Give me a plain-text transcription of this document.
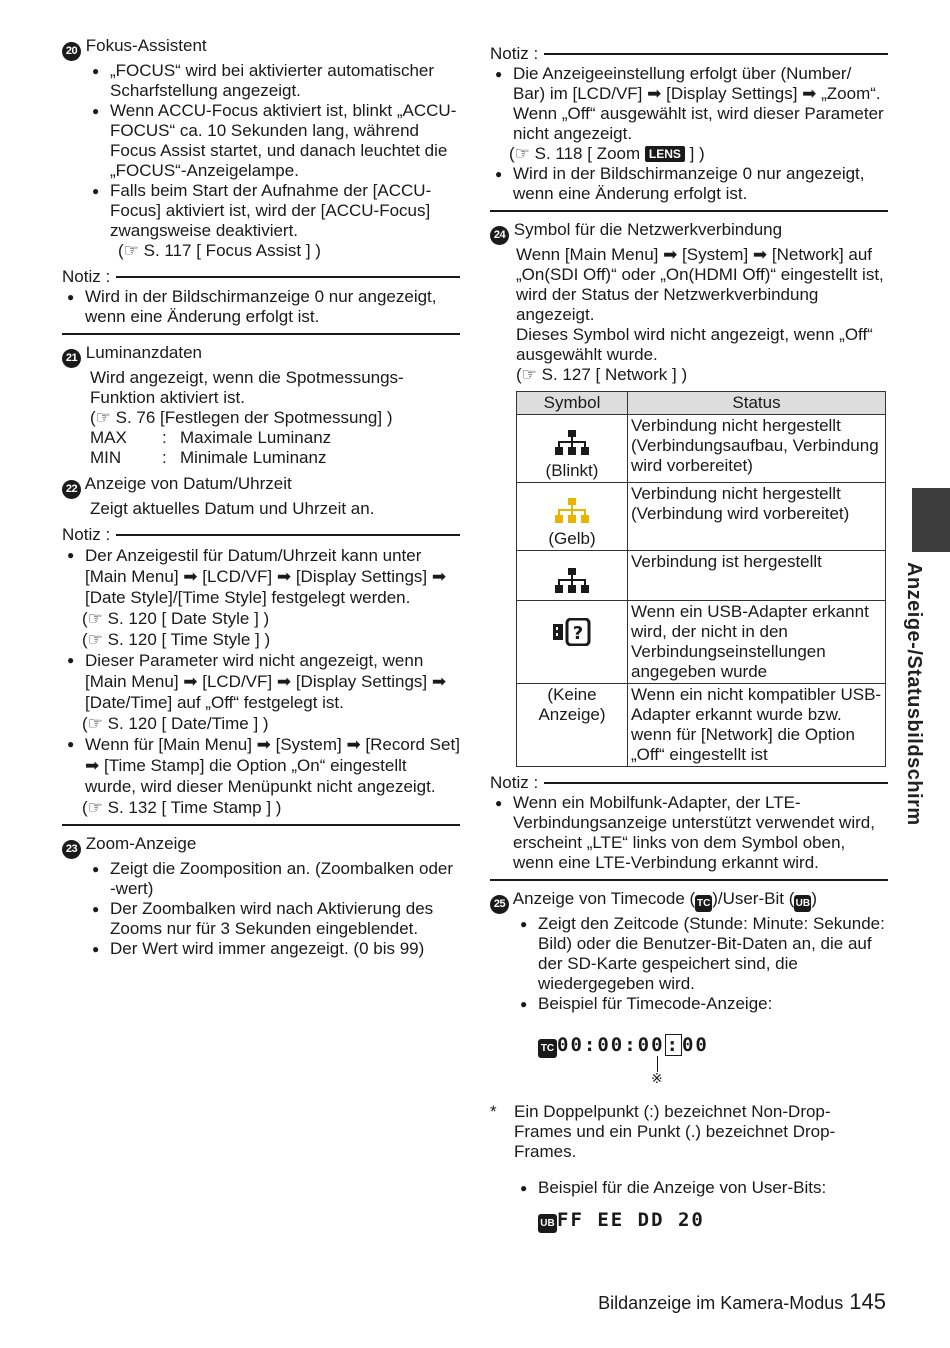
20 Fokus-Assistent
● „FOCUS“ wird bei aktivierter automatischer Scharfstellung angezeigt.
● Wenn ACCU-Focus aktiviert ist, blinkt „ACCU-FOCUS“ ca. 10 Sekunden lang, während Focus Assist startet, und danach leuchtet die „FOCUS“-Anzeigelampe.
● Falls beim Start der Aufnahme der [ACCU-Focus] aktiviert ist, wird der [ACCU-Focus] zwangsweise deaktiviert.
(☞ S. 117 [ Focus Assist ] )
Notiz :
● Wird in der Bildschirmanzeige 0 nur angezeigt, wenn eine Änderung erfolgt ist.
21 Luminanzdaten
Wird angezeigt, wenn die Spotmessungs-Funktion aktiviert ist.
(☞ S. 76 [Festlegen der Spotmessung] )
MAX	: Maximale Luminanz
MIN	: Minimale Luminanz
22 Anzeige von Datum/Uhrzeit
Zeigt aktuelles Datum und Uhrzeit an.
Notiz :
● Der Anzeigestil für Datum/Uhrzeit kann unter [Main Menu] ➡ [LCD/VF] ➡ [Display Settings] ➡ [Date Style]/[Time Style] festgelegt werden.
(☞ S. 120 [ Date Style ] )
(☞ S. 120 [ Time Style ] )
● Dieser Parameter wird nicht angezeigt, wenn [Main Menu] ➡ [LCD/VF] ➡ [Display Settings] ➡ [Date/Time] auf „Off“ festgelegt ist.
(☞ S. 120 [ Date/Time ] )
● Wenn für [Main Menu] ➡ [System] ➡ [Record Set] ➡ [Time Stamp] die Option „On“ eingestellt wurde, wird dieser Menüpunkt nicht angezeigt.
(☞ S. 132 [ Time Stamp ] )
23 Zoom-Anzeige
● Zeigt die Zoomposition an. (Zoombalken oder -wert)
● Der Zoombalken wird nach Aktivierung des Zooms nur für 3 Sekunden eingeblendet.
● Der Wert wird immer angezeigt. (0 bis 99)
Notiz :
● Die Anzeigeeinstellung erfolgt über (Number/ Bar) im [LCD/VF] ➡ [Display Settings] ➡ „Zoom“.
Wenn „Off“ ausgewählt ist, wird dieser Parameter nicht angezeigt.
(☞ S. 118 [ Zoom LENS ] )
● Wird in der Bildschirmanzeige 0 nur angezeigt, wenn eine Änderung erfolgt ist.
24 Symbol für die Netzwerkverbindung
Wenn [Main Menu] ➡ [System] ➡ [Network] auf „On(SDI Off)“ oder „On(HDMI Off)“ eingestellt ist, wird der Status der Netzwerkverbindung angezeigt.
Dieses Symbol wird nicht angezeigt, wenn „Off“ ausgewählt wurde.
(☞ S. 127 [ Network ] )
Symbol	Status

(Blinkt)	Verbindung nicht hergestellt (Verbindungsaufbau, Verbindung wird vorbereitet)

(Gelb)	Verbindung nicht hergestellt (Verbindung wird vorbereitet)
	Verbindung ist hergestellt

?	Wenn ein USB-Adapter erkannt wird, der nicht in den Verbindungseinstellungen angegeben wurde

(Keine Anzeige)	Wenn ein nicht kompatibler USB-Adapter erkannt wurde bzw. wenn für [Network] die Option „Off“ eingestellt ist
Notiz :
● Wenn ein Mobilfunk-Adapter, der LTE-Verbindungsanzeige unterstützt verwendet wird, erscheint „LTE“ links von dem Symbol oben, wenn eine LTE-Verbindung erkannt wird.
25 Anzeige von Timecode ( TC )/User-Bit (UB)
● Zeigt den Zeitcode (Stunde: Minute: Sekunde: Bild) oder die Benutzer-Bit-Daten an, die auf der SD-Karte gespeichert sind, die wiedergegeben wird.
● Beispiel für Timecode-Anzeige:
TC 00:00:00 : 00
※
*	Ein Doppelpunkt (:) bezeichnet Non-Drop-Frames und ein Punkt (.) bezeichnet Drop-Frames.
● Beispiel für die Anzeige von User-Bits:
UB FF EE DD 20
Anzeige-/Statusbildschirm
Bildanzeige im Kamera-Modus 145
